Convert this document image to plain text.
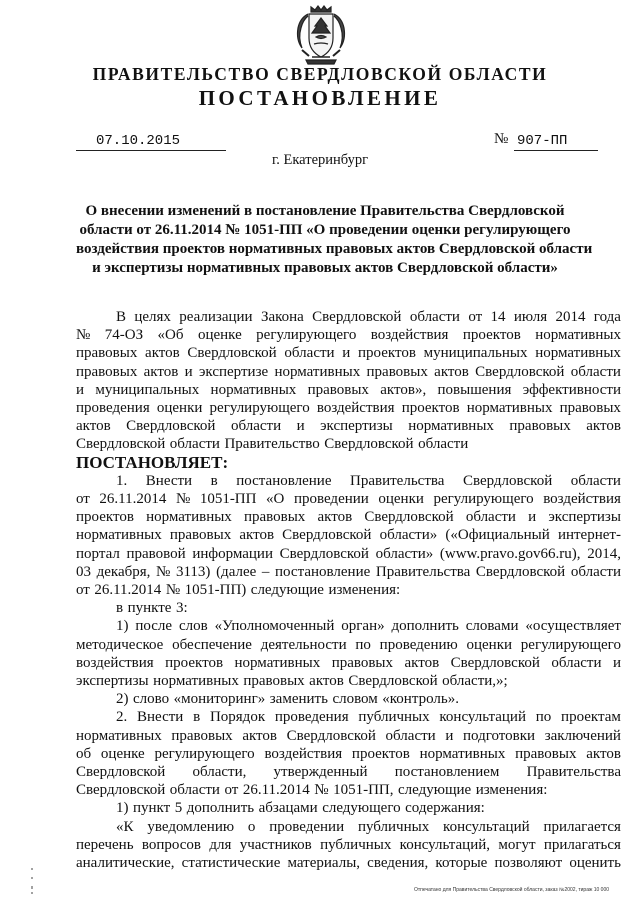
ПРАВИТЕЛЬСТВО СВЕРДЛОВСКОЙ ОБЛАСТИ
ПОСТАНОВЛЕНИЕ
07.10.2015	№ 907-ПП
г. Екатеринбург
О внесении изменений в постановление Правительства Свердловской
области от 26.11.2014 № 1051-ПП «О проведении оценки регулирующего
воздействия проектов нормативных правовых актов Свердловской области
и экспертизы нормативных правовых актов Свердловской области»
В целях реализации Закона Свердловской области от 14 июля 2014 года
№ 74-ОЗ «Об оценке регулирующего воздействия проектов нормативных
правовых актов Свердловской области и проектов муниципальных нормативных
правовых актов и экспертизе нормативных правовых актов Свердловской области
и муниципальных нормативных правовых актов», повышения эффективности
проведения оценки регулирующего воздействия проектов нормативных правовых
актов Свердловской области и экспертизы нормативных правовых актов
Свердловской области Правительство Свердловской области
ПОСТАНОВЛЯЕТ:
1. Внести в постановление Правительства Свердловской области
от 26.11.2014 № 1051-ПП «О проведении оценки регулирующего воздействия
проектов нормативных правовых актов Свердловской области и экспертизы
нормативных правовых актов Свердловской области» («Официальный интернет-
портал правовой информации Свердловской области» (www.pravo.gov66.ru), 2014,
03 декабря, № 3113) (далее – постановление Правительства Свердловской области
от 26.11.2014 № 1051-ПП) следующие изменения:
в пункте 3:
1) после слов «Уполномоченный орган» дополнить словами «осуществляет
методическое обеспечение деятельности по проведению оценки регулирующего
воздействия проектов нормативных правовых актов Свердловской области и
экспертизы нормативных правовых актов Свердловской области,»;
2) слово «мониторинг» заменить словом «контроль».
2. Внести в Порядок проведения публичных консультаций по проектам
нормативных правовых актов Свердловской области и подготовки заключений
об оценке регулирующего воздействия проектов нормативных правовых актов
Свердловской области, утвержденный постановлением Правительства
Свердловской области от 26.11.2014 № 1051-ПП, следующие изменения:
1) пункт 5 дополнить абзацами следующего содержания:
«К уведомлению о проведении публичных консультаций прилагается
перечень вопросов для участников публичных консультаций, могут прилагаться
аналитические, статистические материалы, сведения, которые позволяют оценить
Отпечатано для Правительства Свердловской области, заказ №2002, тираж 10 000
